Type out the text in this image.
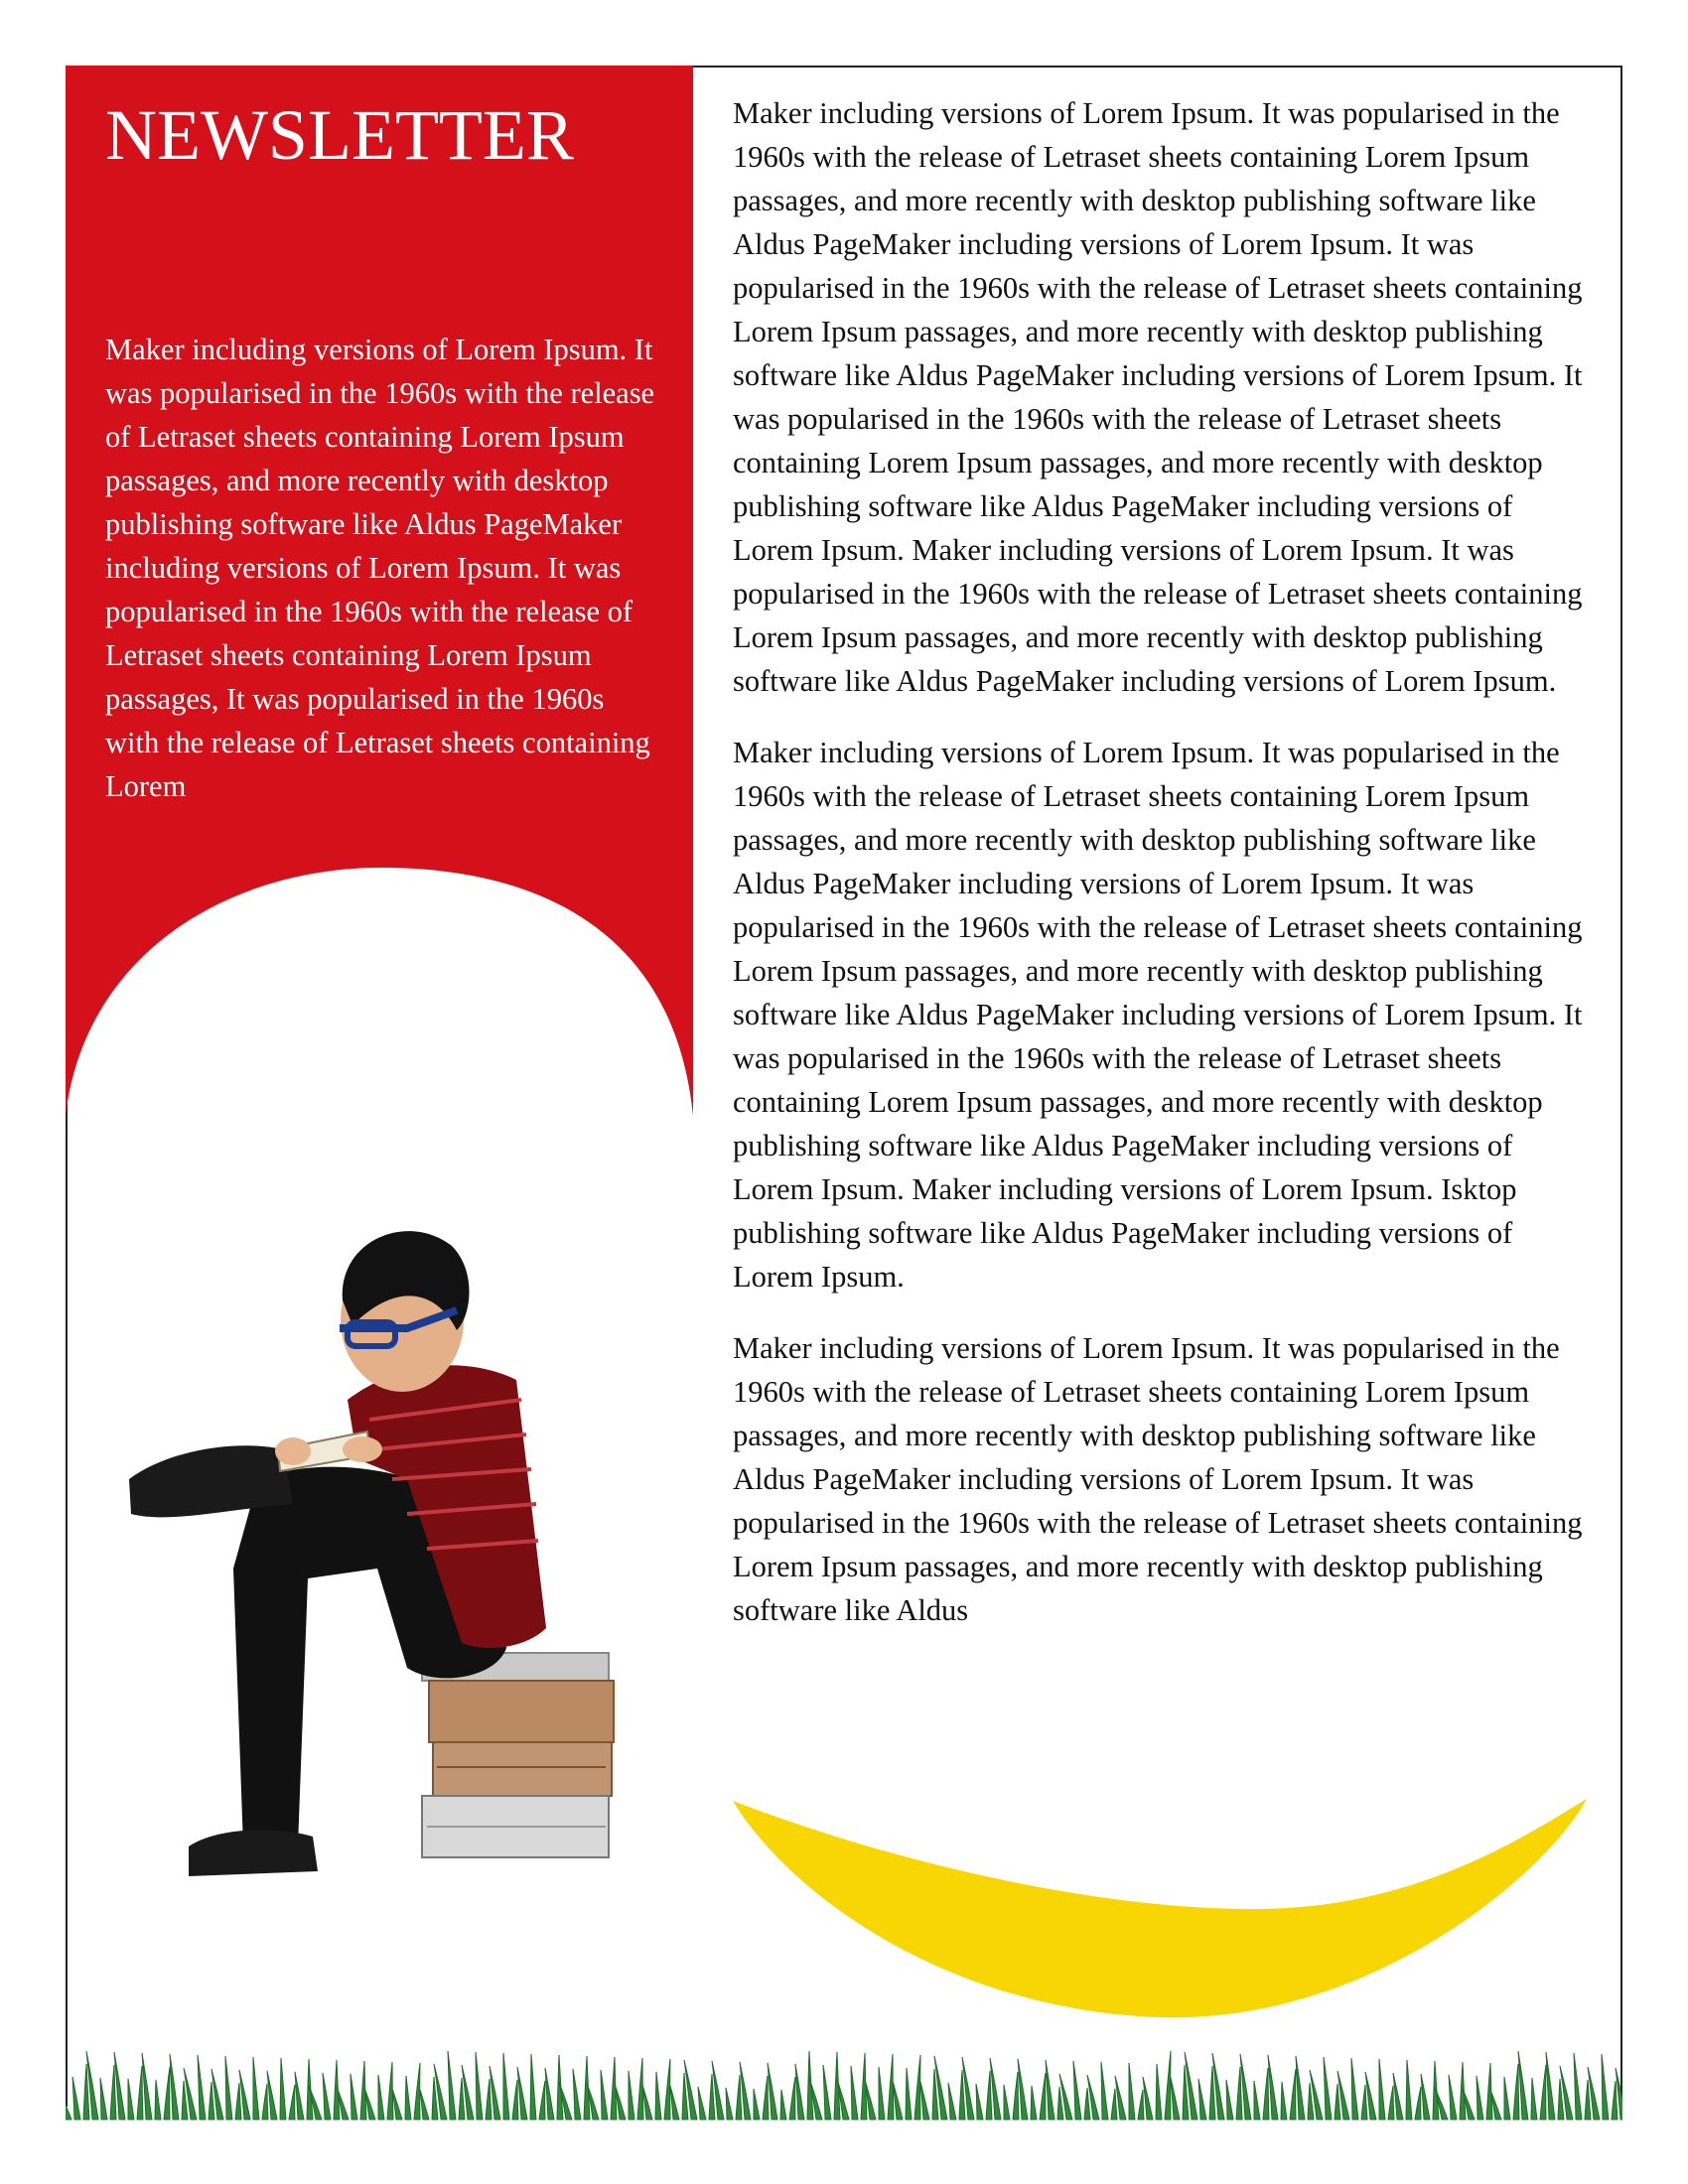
NEWSLETTER

Maker including versions of Lorem Ipsum. It was popularised in the 1960s with the release of Letraset sheets containing Lorem Ipsum passages, and more recently with desktop publishing software like Aldus PageMaker including versions of Lorem Ipsum. It was popularised in the 1960s with the release of Letraset sheets containing Lorem Ipsum passages, It was popularised in the 1960s with the release of Letraset sheets containing Lorem

Maker including versions of Lorem Ipsum. It was popularised in the 1960s with the release of Letraset sheets containing Lorem Ipsum passages, and more recently with desktop publishing software like Aldus PageMaker including versions of Lorem Ipsum. It was popularised in the 1960s with the release of Letraset sheets containing Lorem Ipsum passages, and more recently with desktop publishing software like Aldus PageMaker including versions of Lorem Ipsum. It was popularised in the 1960s with the release of Letraset sheets containing Lorem Ipsum passages, and more recently with desktop publishing software like Aldus PageMaker including versions of Lorem Ipsum. Maker including versions of Lorem Ipsum. It was popularised in the 1960s with the release of Letraset sheets containing Lorem Ipsum passages, and more recently with desktop publishing software like Aldus PageMaker including versions of Lorem Ipsum.

Maker including versions of Lorem Ipsum. It was popularised in the 1960s with the release of Letraset sheets containing Lorem Ipsum passages, and more recently with desktop publishing software like Aldus PageMaker including versions of Lorem Ipsum. It was popularised in the 1960s with the release of Letraset sheets containing Lorem Ipsum passages, and more recently with desktop publishing software like Aldus PageMaker including versions of Lorem Ipsum. It was popularised in the 1960s with the release of Letraset sheets containing Lorem Ipsum passages, and more recently with desktop publishing software like Aldus PageMaker including versions of Lorem Ipsum. Maker including versions of Lorem Ipsum. Isktop publishing software like Aldus PageMaker including versions of Lorem Ipsum.

Maker including versions of Lorem Ipsum. It was popularised in the 1960s with the release of Letraset sheets containing Lorem Ipsum passages, and more recently with desktop publishing software like Aldus PageMaker including versions of Lorem Ipsum. It was popularised in the 1960s with the release of Letraset sheets containing Lorem Ipsum passages, and more recently with desktop publishing software like Aldus
